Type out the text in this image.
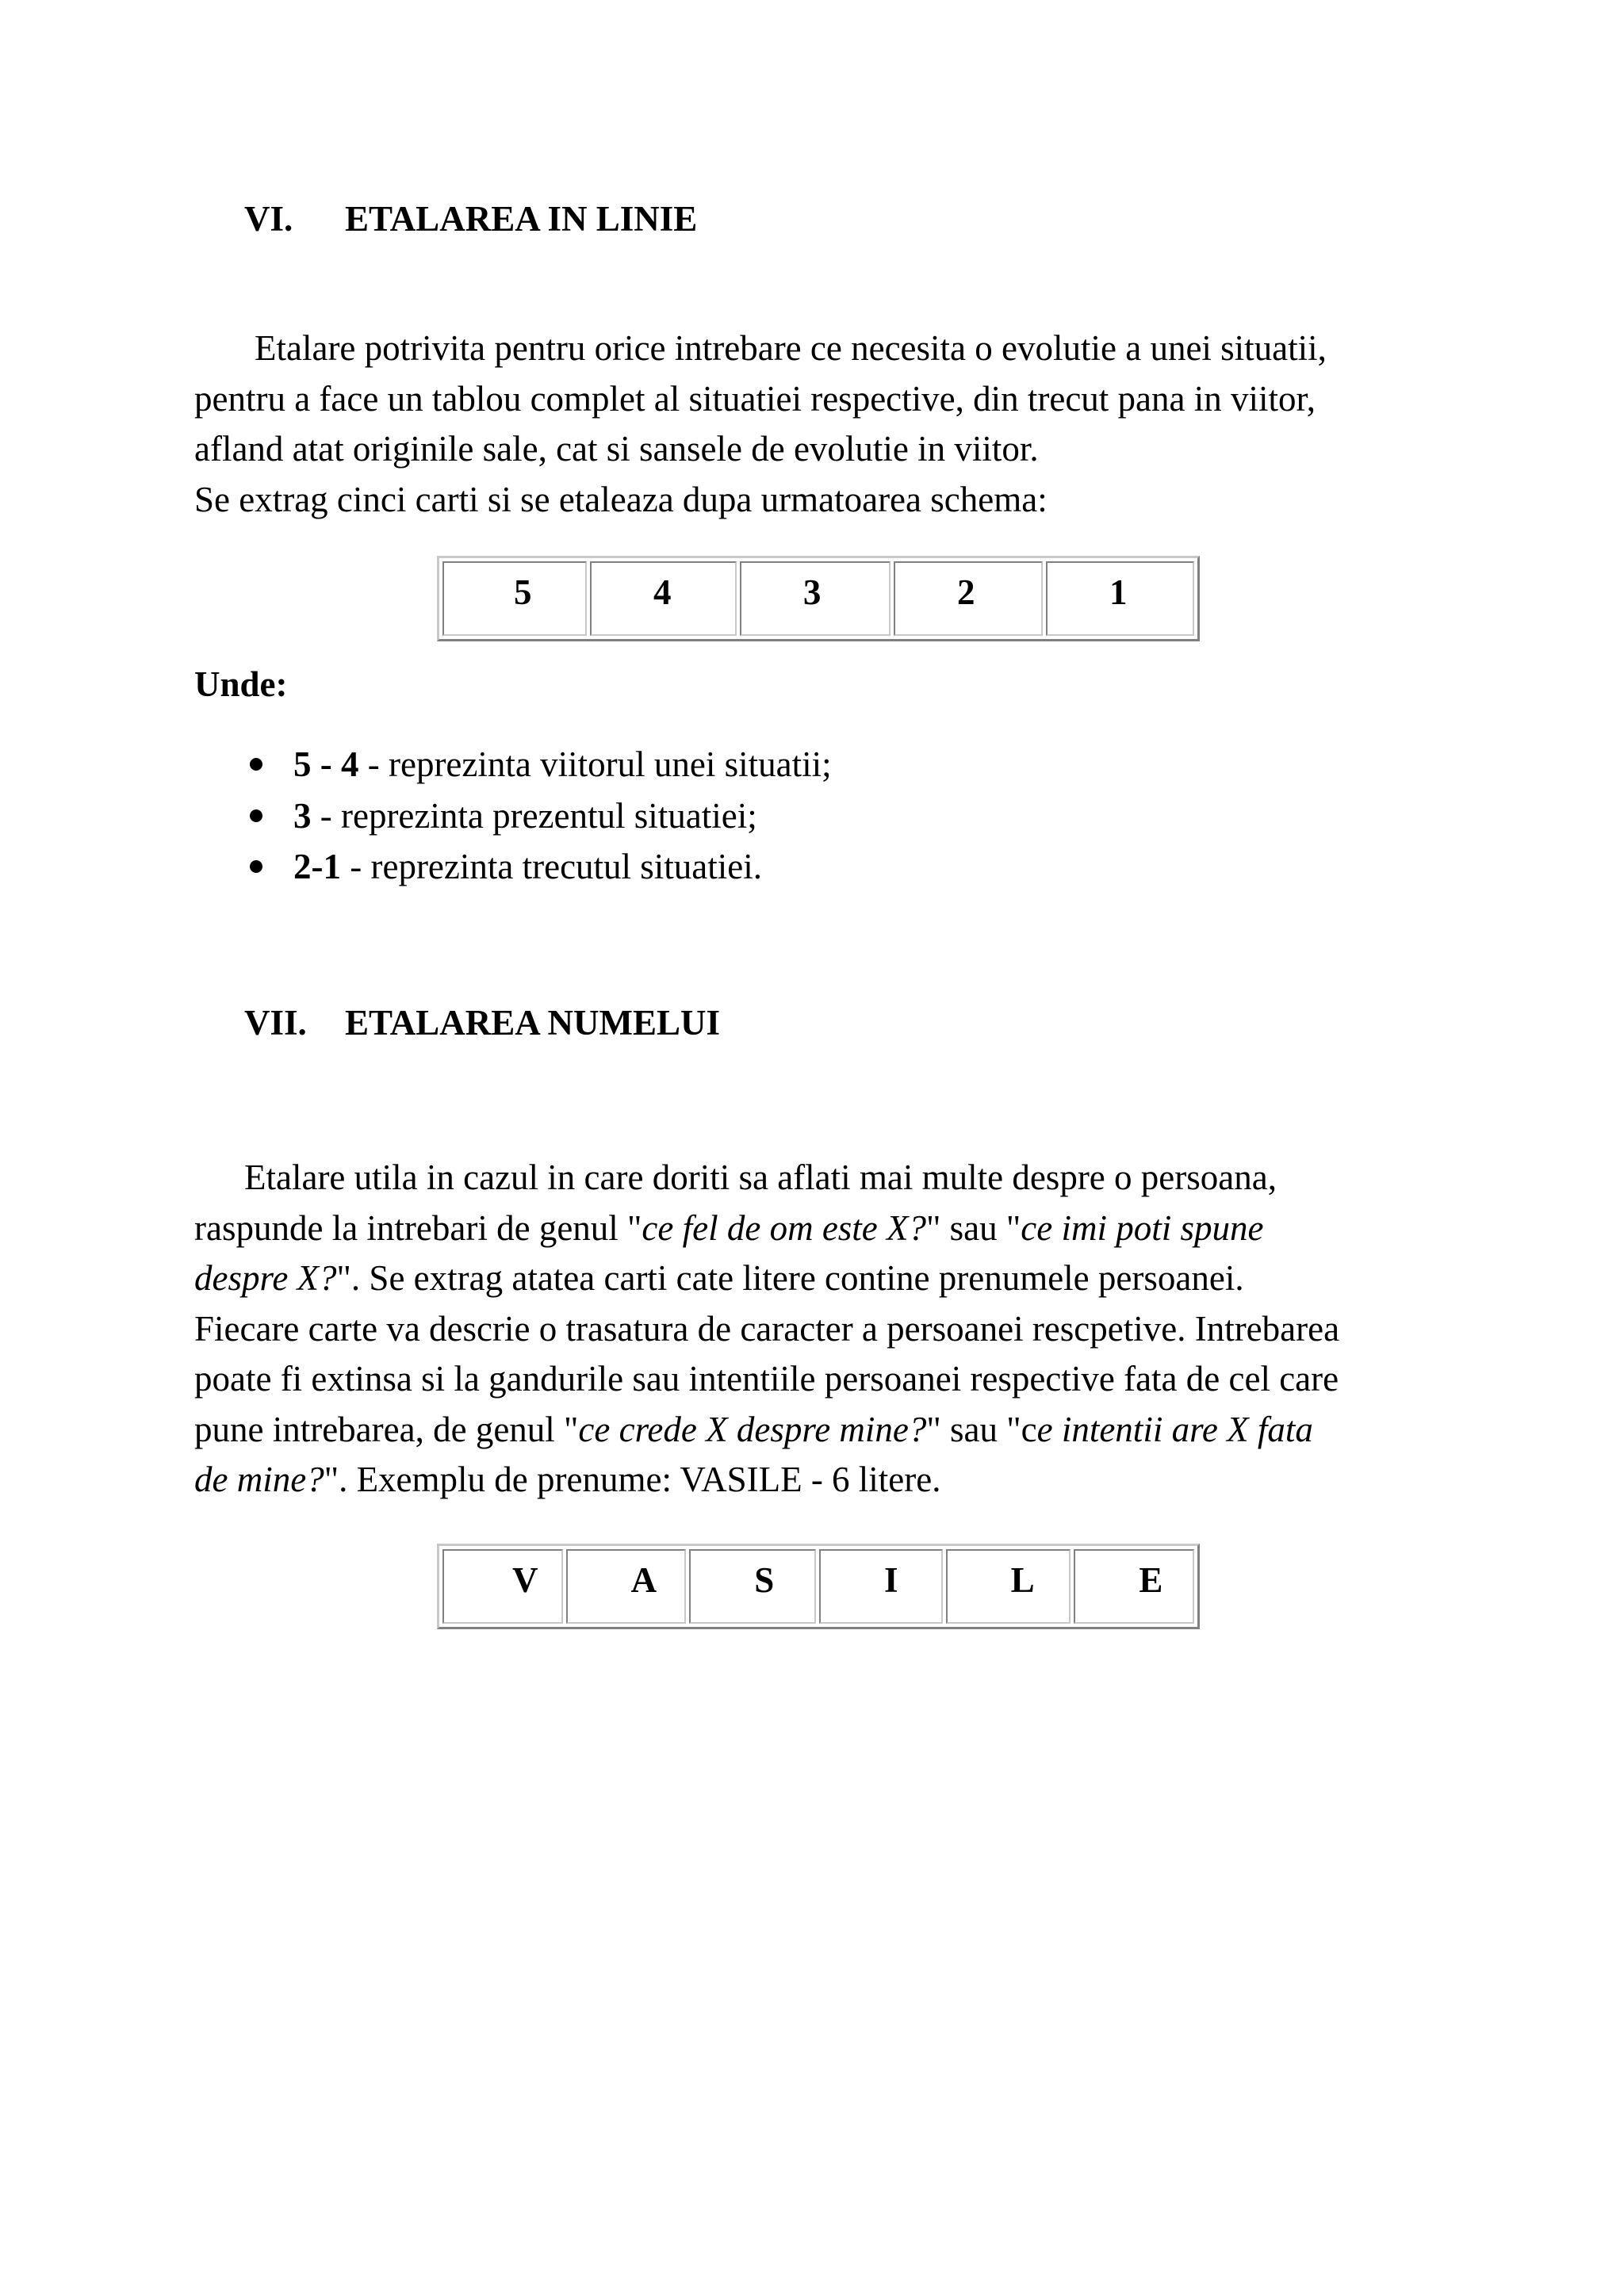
VI. ETALAREA IN LINIE
Etalare potrivita pentru orice intrebare ce necesita o evolutie a unei situatii,
pentru a face un tablou complet al situatiei respective, din trecut pana in viitor,
afland atat originile sale, cat si sansele de evolutie in viitor.
Se extrag cinci carti si se etaleaza dupa urmatoarea schema:
5	4	3	2	1

Unde:

5 - 4 - reprezinta viitorul unei situatii;
3 - reprezinta prezentul situatiei;
2-1 - reprezinta trecutul situatiei.
VII. ETALAREA NUMELUI
Etalare utila in cazul in care doriti sa aflati mai multe despre o persoana,
raspunde la intrebari de genul "ce fel de om este X?" sau "ce imi poti spune
despre X?". Se extrag atatea carti cate litere contine prenumele persoanei.
Fiecare carte va descrie o trasatura de caracter a persoanei rescpetive. Intrebarea
poate fi extinsa si la gandurile sau intentiile persoanei respective fata de cel care
pune intrebarea, de genul "ce crede X despre mine?" sau "ce intentii are X fata
de mine?". Exemplu de prenume: VASILE - 6 litere.
V	A	S	I	L	E
